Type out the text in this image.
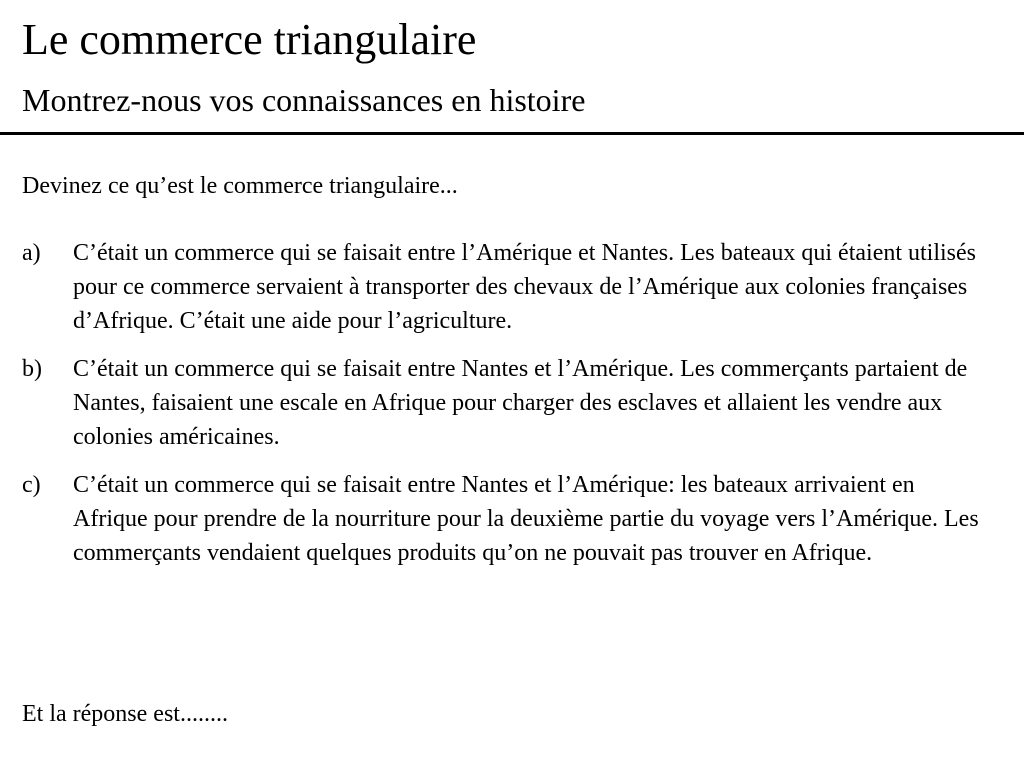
Le commerce triangulaire
Montrez-nous vos connaissances en histoire

Devinez ce qu’est le commerce triangulaire...

a) C’était un commerce qui se faisait entre l’Amérique et Nantes. Les bateaux qui étaient utilisés pour ce commerce servaient à transporter des chevaux de l’Amérique aux colonies françaises d’Afrique. C’était une aide pour l’agriculture.
b) C’était un commerce qui se faisait entre Nantes et l’Amérique. Les commerçants partaient de Nantes, faisaient une escale en Afrique pour charger des esclaves et allaient les vendre aux colonies américaines.
c) C’était un commerce qui se faisait entre Nantes et l’Amérique: les bateaux arrivaient en Afrique pour prendre de la nourriture pour la deuxième partie du voyage vers l’Amérique. Les commerçants vendaient quelques produits qu’on ne pouvait pas trouver en Afrique.

Et la réponse est........
